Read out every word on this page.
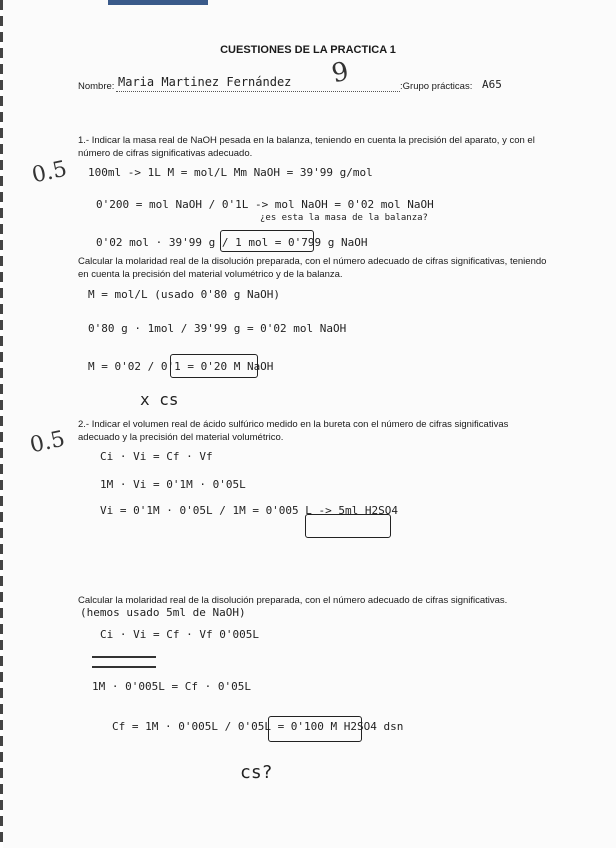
CUESTIONES DE LA PRACTICA 1
Nombre: Maria Martinez Fernández 9	:Grupo prácticas: A65
1.- Indicar la masa real de NaOH pesada en la balanza, teniendo en cuenta la precisión del aparato, y con el número de cifras significativas adecuado.
0.5 100ml -> 1L M = mol/L Mm NaOH = 39'99 g/mol
0'200 = mol NaOH / 0'1L -> mol NaOH = 0'02 mol NaOH
¿es esta la masa de la balanza?
0'02 mol · 39'99 g / 1 mol = 0'799 g NaOH
Calcular la molaridad real de la disolución preparada, con el número adecuado de cifras significativas, teniendo en cuenta la precisión del material volumétrico y de la balanza.
M = mol/L (usado 0'80 g NaOH)
0'80 g · 1mol / 39'99 g = 0'02 mol NaOH
M = 0'02 / 0'1 = 0'20 M NaOH
x cs
2.- Indicar el volumen real de ácido sulfúrico medido en la bureta con el número de cifras significativas adecuado y la precisión del material volumétrico.
0.5	Ci · Vi = Cf · Vf
1M · Vi = 0'1M · 0'05L
Vi = 0'1M · 0'05L / 1M = 0'005 L -> 5ml H2SO4
Calcular la molaridad real de la disolución preparada, con el número adecuado de cifras significativas.
(hemos usado 5ml de NaOH)
Ci · Vi = Cf · Vf 0'005L
1M · 0'005L = Cf · 0'05L
Cf = 1M · 0'005L / 0'05L = 0'100 M H2SO4 dsn
cs?
